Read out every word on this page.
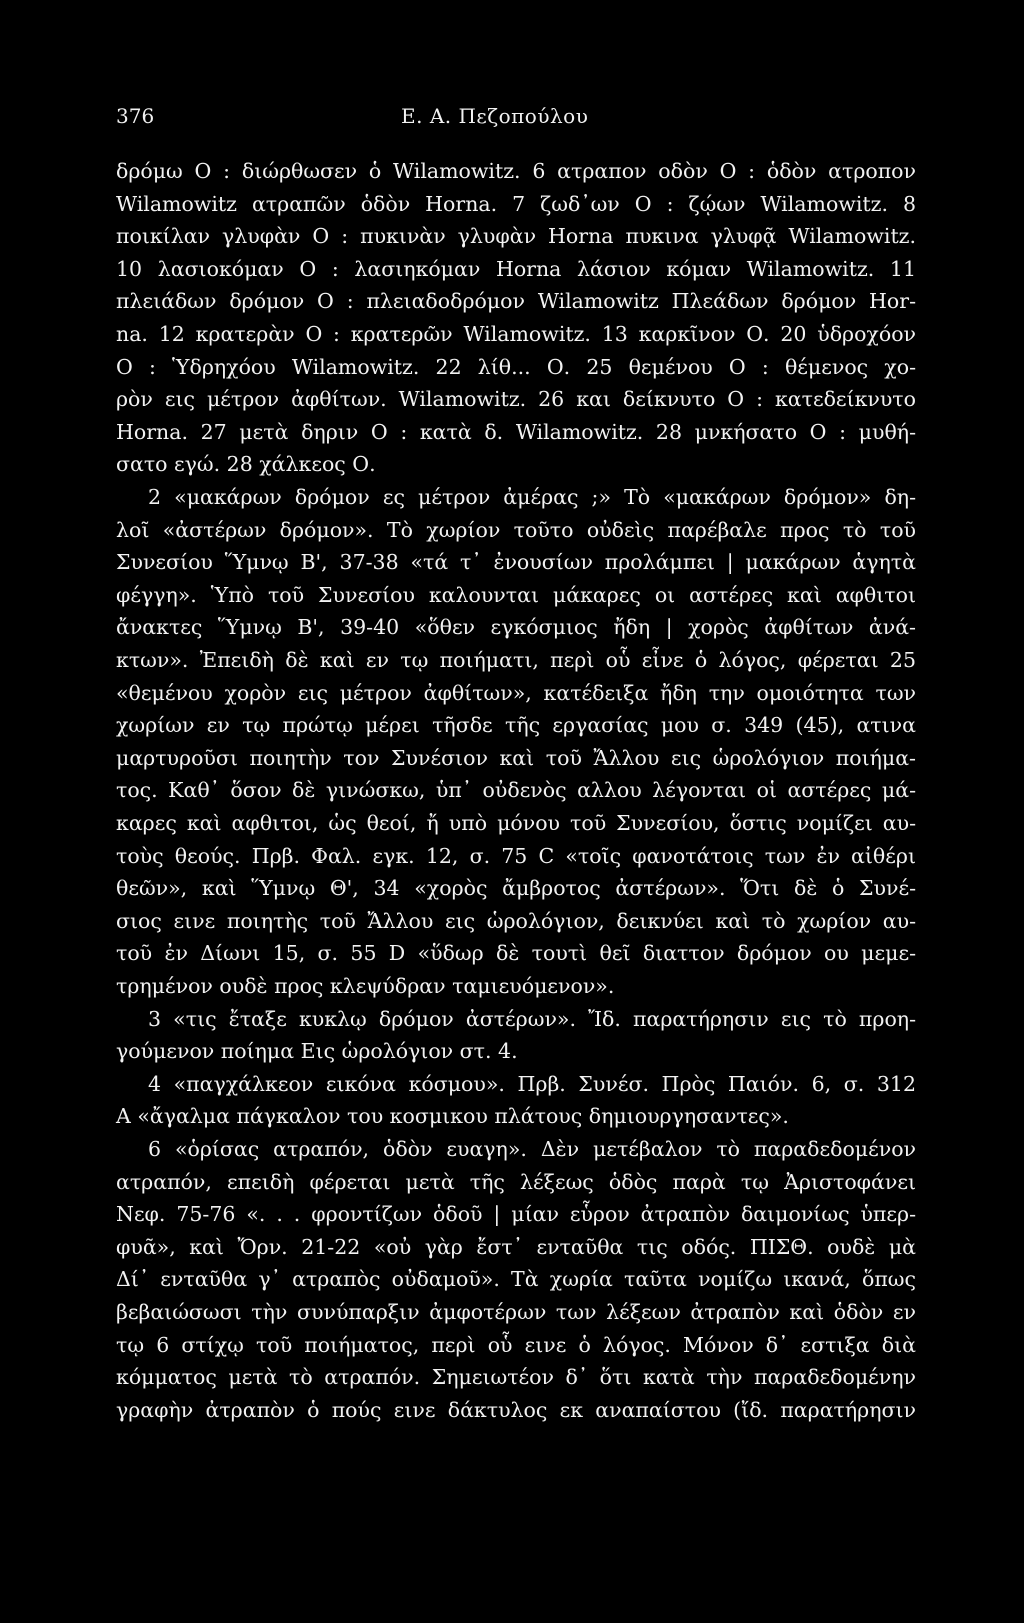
376	Ε. Α. Πεζοπούλου
δρόμω Ο : διώρθωσεν ὁ Wilamowitz. 6 ατραπον οδὸν Ο : ὁδὸν ατροπον
Wilamowitz ατραπῶν ὁδὸν Horna. 7 ζωδ᾽ων Ο : ζῴων Wilamowitz. 8
ποικίλαν γλυφὰν Ο : πυκινὰν γλυφὰν Horna πυκινα γλυφᾷ Wilamowitz.
10 λασιοκόμαν Ο : λασιηκόμαν Horna λάσιον κόμαν Wilamowitz. 11
πλειάδων δρόμον Ο : πλειαδοδρόμον Wilamowitz Πλεάδων δρόμον Hor-
na. 12 κρατερὰν Ο : κρατερῶν Wilamowitz. 13 καρκῖνον Ο. 20 ὑδροχόον
Ο : Ὑδρηχόου Wilamowitz. 22 λίθ... Ο. 25 θεμένου Ο : θέμενος χο-
ρὸν εις μέτρον ἀφθίτων. Wilamowitz. 26 και δείκνυτο Ο : κατεδείκνυτο
Horna. 27 μετὰ δηριν Ο : κατὰ δ. Wilamowitz. 28 μνκήσατο Ο : μυθή-
σατο εγώ. 28 χάλκεος Ο.
2 «μακάρων δρόμον ες μέτρον ἀμέρας ;» Τὸ «μακάρων δρόμον» δη-
λοῖ «ἀστέρων δρόμον». Τὸ χωρίον τοῦτο οὐδεὶς παρέβαλε προς τὸ τοῦ
Συνεσίου Ὕμνῳ Β', 37-38 «τά τ᾽ ἐνουσίων προλάμπει | μακάρων ἁγητὰ
φέγγη». Ὑπὸ τοῦ Συνεσίου καλουνται μάκαρες οι αστέρες καὶ αφθιτοι
ἄνακτες Ὕμνῳ Β', 39-40 «ὅθεν εγκόσμιος ἤδη | χορὸς ἀφθίτων ἀνά-
κτων». Ἐπειδὴ δὲ καὶ εν τῳ ποιήματι, περὶ οὗ εἶνε ὁ λόγος, φέρεται 25
«θεμένου χορὸν εις μέτρον ἀφθίτων», κατέδειξα ἤδη την ομοιότητα των
χωρίων εν τῳ πρώτῳ μέρει τῆσδε τῆς εργασίας μου σ. 349 (45), ατινα
μαρτυροῦσι ποιητὴν τον Συνέσιον καὶ τοῦ Ἄλλου εις ὡρολόγιον ποιήμα-
τος. Καθ᾽ ὅσον δὲ γινώσκω, ὑπ᾽ οὐδενὸς αλλου λέγονται οἱ αστέρες μά-
καρες καὶ αφθιτοι, ὡς θεοί, ἤ υπὸ μόνου τοῦ Συνεσίου, ὅστις νομίζει αυ-
τοὺς θεούς. Πρβ. Φαλ. εγκ. 12, σ. 75 C «τοῖς φανοτάτοις των ἐν αἰθέρι
θεῶν», καὶ Ὕμνῳ Θ', 34 «χορὸς ἄμβροτος ἀστέρων». Ὅτι δὲ ὁ Συνέ-
σιος εινε ποιητὴς τοῦ Ἄλλου εις ὡρολόγιον, δεικνύει καὶ τὸ χωρίον αυ-
τοῦ ἐν Δίωνι 15, σ. 55 D «ὕδωρ δὲ τουτὶ θεῖ διαττον δρόμον ου μεμε-
τρημένον ουδὲ προς κλεψύδραν ταμιευόμενον».
3 «τις ἔταξε κυκλῳ δρόμον ἀστέρων». Ἴδ. παρατήρησιν εις τὸ προη-
γούμενον ποίημα Εις ὡρολόγιον στ. 4.
4 «παγχάλκεον εικόνα κόσμου». Πρβ. Συνέσ. Πρὸς Παιόν. 6, σ. 312
Α «ἄγαλμα πάγκαλον του κοσμικου πλάτους δημιουργησαντες».
6 «ὁρίσας ατραπόν, ὁδὸν ευαγη». Δὲν μετέβαλον τὸ παραδεδομένον
ατραπόν, επειδὴ φέρεται μετὰ τῆς λέξεως ὁδὸς παρὰ τῳ Ἀριστοφάνει
Νεφ. 75-76 «. . . φροντίζων ὁδοῦ | μίαν εὗρον ἀτραπὸν δαιμονίως ὑπερ-
φυᾶ», καὶ Ὄρν. 21-22 «οὐ γὰρ ἔστ᾽ ενταῦθα τις οδός. ΠΙΣΘ. ουδὲ μὰ
Δί᾽ ενταῦθα γ᾽ ατραπὸς οὐδαμοῦ». Τὰ χωρία ταῦτα νομίζω ικανά, ὅπως
βεβαιώσωσι τὴν συνύπαρξιν ἀμφοτέρων των λέξεων ἀτραπὸν καὶ ὁδὸν εν
τῳ 6 στίχῳ τοῦ ποιήματος, περὶ οὗ εινε ὁ λόγος. Μόνον δ᾽ εστιξα διὰ
κόμματος μετὰ τὸ ατραπόν. Σημειωτέον δ᾽ ὅτι κατὰ τὴν παραδεδομένην
γραφὴν ἀτραπὸν ὁ πούς εινε δάκτυλος εκ αναπαίστου (ἴδ. παρατήρησιν
